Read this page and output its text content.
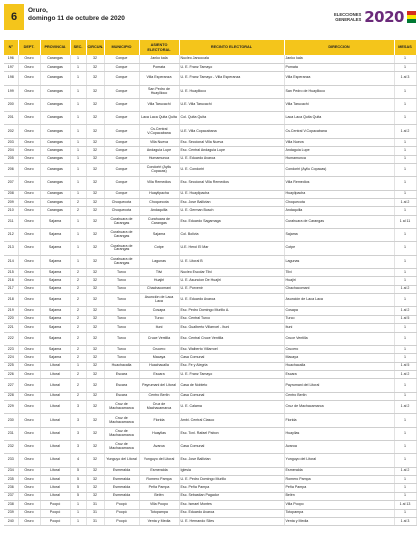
6
Oruro,
domingo 11 de octubre de 2020
ELECCIONES
GENERALES 2020
N°	DEPT.	PROVINCIA	SEC.	CIRCUN.	MUNICIPIO	ASIENTO ELECTORAL	RECINTO ELECTORAL	DIRECCION	MESAS
196	Oruro	Carangas	1	32	Corque	Janko kala	Nucleo Jancocala	Janko kala	1
197	Oruro	Carangas	1	32	Corque	Pomata	U. E. Franz Tamayo	Pomata	1
198	Oruro	Carangas	1	32	Corque	Villa Esperanza	U. E. Franz Tamayo - Villa Esperanza	Villa Esperanza	1 al 3
199	Oruro	Carangas	1	32	Corque	San Pedro de Huayllioco	U. E. Huayllioco	San Pedro de Huayllioco	1
200	Oruro	Carangas	1	32	Corque	Villa Tarucachi	U.E. Villa Tarucachi	Villa Tarucachi	1
201	Oruro	Carangas	1	32	Corque	Laca Laca Quita Quita	Col. Quita Quita	Laca Laca Quita Quita	1
202	Oruro	Carangas	1	32	Corque	Cs.Central V.Copacabana	U.E. Villa Copacabana	Cs.Central V.Copacabana	1 al 2
203	Oruro	Carangas	1	32	Corque	Villa Nueva	Esc. Seccional Villa Nueva	Villa Nueva	1
204	Oruro	Carangas	1	32	Corque	Andaguia Lupe	Esc. Central Andaguia Lupe	Andaguia Lupe	1
205	Oruro	Carangas	1	32	Corque	Humamunca	U. E. Eduardo Avaroa	Humamunca	1
206	Oruro	Carangas	1	32	Corque	Condoriri (Ayllu Copacas)	U. E. Condoriri	Condoriri (Ayllu Copacas)	1
207	Oruro	Carangas	1	32	Corque	Villa Remedios	Esc. Seccional Villa Remedios	Villa Remedios	1
208	Oruro	Carangas	1	32	Corque	Huaylipacha	U. E. Huaylipacha	Huaylipacha	1
209	Oruro	Carangas	2	32	Choquecota	Choquecota	Esc. Jose Ballivian	Choquecota	1 al 2
210	Oruro	Carangas	2	32	Choquecota	Andaquilla	U. E. German Busch	Andaquilla	1
211	Oruro	Sajama	1	32	Curahuara de Carangas	Curahuara de Carangas	Esc. Eduardo Sagarnaga	Curahuara de Carangas	1 al 11
212	Oruro	Sajama	1	32	Curahuara de Carangas	Sajama	Col. Bolivia	Sajama	1
213	Oruro	Sajama	1	32	Curahuara de Carangas	Cotpe	U.E. Heroi El Mar	Cotpe	1
214	Oruro	Sajama	1	32	Curahuara de Carangas	Lagunas	U. E. Litoral B	Lagunas	1
215	Oruro	Sajama	2	32	Turco	Tilvi	Nucleo Escolar Tilvi	Tilvi	1
216	Oruro	Sajama	2	32	Turco	Huajiri	U. E. Asuncion De Huajiri	Huajiri	1
217	Oruro	Sajama	2	32	Turco	Chachacomani	U. E. Porvenir	Chachacomani	1 al 2
218	Oruro	Sajama	2	32	Turco	Asunción de Laca Laca	U. E. Eduardo Avaroa	Asunción de Laca Laca	1
219	Oruro	Sajama	2	32	Turco	Cosapa	Esc. Pedro Domingo Murillo A.	Cosapa	1 al 2
220	Oruro	Sajama	2	32	Turco	Turco	Esc. Central Turco	Turco	1 al 5
221	Oruro	Sajama	2	32	Turco	Ituni	Esc. Gualberto Villarroel - Ituni	Ituni	1
222	Oruro	Sajama	2	32	Turco	Cruce Ventilla	Esc. Central Cruce Ventilla	Cruce Ventilla	1
223	Oruro	Sajama	2	32	Turco	Crucero	Esc. Walberto Villarroel	Crucero	1
224	Oruro	Sajama	2	32	Turco	Macaya	Casa Comunal	Macaya	1
225	Oruro	Litoral	1	32	Huachacalla	Huachacalla	Esc. Fe y Alegria	Huachacalla	1 al 5
226	Oruro	Litoral	2	32	Escara	Escara	U. E. Franz Tamayo	Escara	1 al 2
227	Oruro	Litoral	2	32	Escara	Payrumani del Litoral	Casa de Nobleto	Payrumani del Litoral	1
228	Oruro	Litoral	2	32	Escara	Centro Berlin	Casa Comunal	Centro Berlin	1
229	Oruro	Litoral	3	32	Cruz de Machacamarca	Cruz de Machacamarca	U. E. Calama	Cruz de Machacamarca	1 al 2
230	Oruro	Litoral	3	32	Cruz de Machacamarca	Florida	Ambi. Central Ciasco	Florida	1
231	Oruro	Litoral	3	32	Cruz de Machacamarca	Huayllas	Esc. Tcnl. Rafael Pabon	Huayllas	1
232	Oruro	Litoral	3	32	Cruz de Machacamarca	Avaroa	Casa Comunal	Avaroa	1
233	Oruro	Litoral	4	32	Yunguyo del Litoral	Yunguyo del Litoral	Esc. Jose Ballivian	Yunguyo del Litoral	1
234	Oruro	Litoral	5	32	Esmeralda	Esmeralda	Iglesia	Esmeralda	1 al 2
235	Oruro	Litoral	5	32	Esmeralda	Romero Pampa	U. E. Pedro Domingo Murillo	Romero Pampa	1
236	Oruro	Litoral	5	32	Esmeralda	Peña Pampa	Esc. Peña Pampa	Peña Pampa	1
237	Oruro	Litoral	5	32	Esmeralda	Belén	Esc. Sebastian Pagador	Belén	1
238	Oruro	Poopó	1	31	Poopó	Villa Poopo	Esc. Ismael Montes	Villa Poopo	1 al 13
239	Oruro	Poopó	1	31	Poopó	Totopampa	Esc. Eduardo Avaroa	Totopampa	1
240	Oruro	Poopó	1	31	Poopó	Venta y Media	U. E. Hernando Siles	Venta y Media	1 al 3
